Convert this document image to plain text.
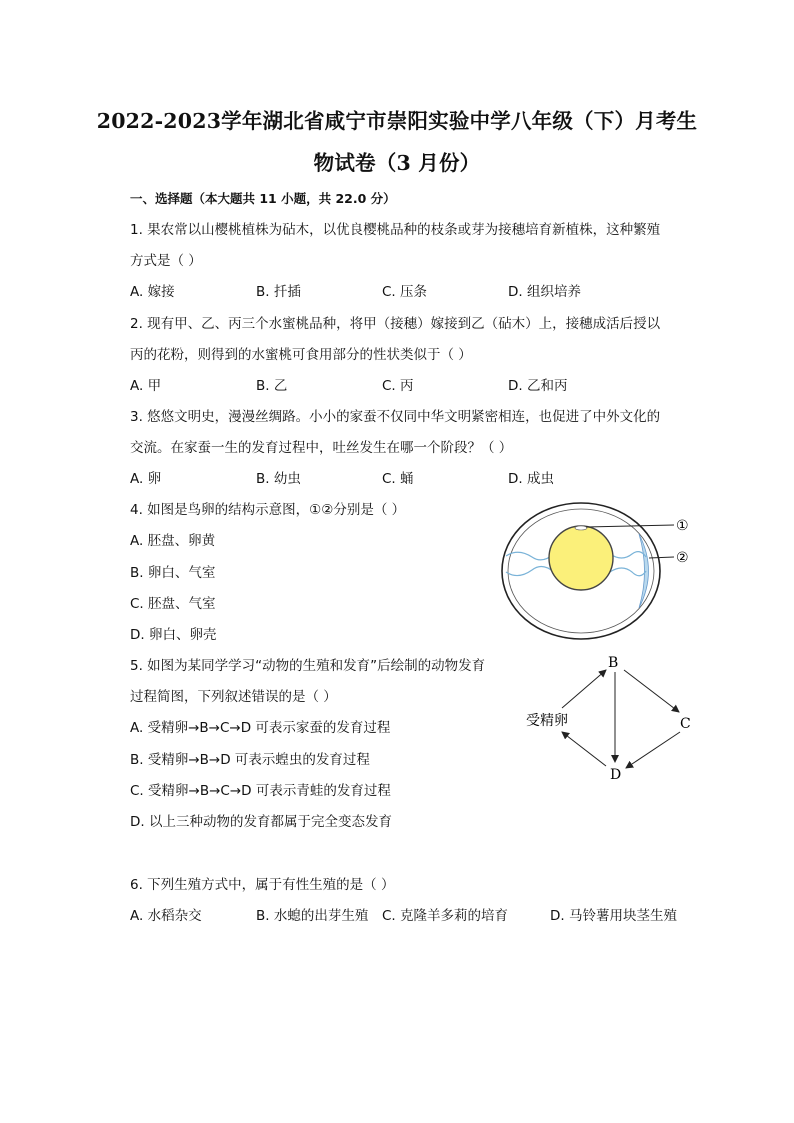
2022-2023学年湖北省咸宁市崇阳实验中学八年级（下）月考生
物试卷（3 月份）
一、选择题（本大题共 11 小题，共 22.0 分）
1. 果农常以山樱桃植株为砧木，以优良樱桃品种的枝条或芽为接穗培育新植株，这种繁殖
方式是（ ）
A. 嫁接	B. 扦插	C. 压条	D. 组织培养
2. 现有甲、乙、丙三个水蜜桃品种，将甲（接穗）嫁接到乙（砧木）上，接穗成活后授以
丙的花粉，则得到的水蜜桃可食用部分的性状类似于（ ）
A. 甲	B. 乙	C. 丙	D. 乙和丙
3. 悠悠文明史，漫漫丝绸路。小小的家蚕不仅同中华文明紧密相连，也促进了中外文化的
交流。在家蚕一生的发育过程中，吐丝发生在哪一个阶段？（ ）
A. 卵	B. 幼虫	C. 蛹	D. 成虫
4. 如图是鸟卵的结构示意图，①②分别是（ ）
A. 胚盘、卵黄
B. 卵白、气室
C. 胚盘、气室
D. 卵白、卵壳
①
②
5. 如图为某同学学习“动物的生殖和发育”后绘制的动物发育
过程简图，下列叙述错误的是（ ）
A. 受精卵→B→C→D 可表示家蚕的发育过程
B. 受精卵→B→D 可表示蝗虫的发育过程
C. 受精卵→B→C→D 可表示青蛙的发育过程
D. 以上三种动物的发育都属于完全变态发育
B
C
D
受精卵
6. 下列生殖方式中，属于有性生殖的是（ ）
A. 水稻杂交	B. 水螅的出芽生殖 C. 克隆羊多莉的培育	D. 马铃薯用块茎生殖
